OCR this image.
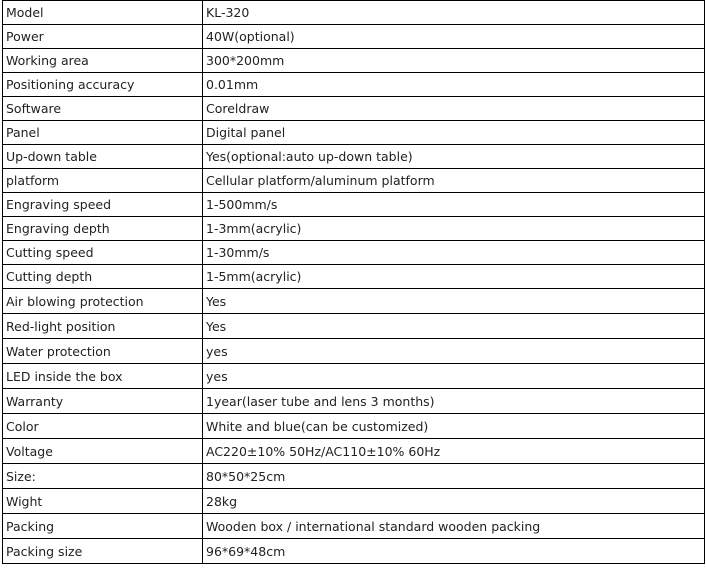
Model	KL-320
Power	40W(optional)
Working area	300*200mm
Positioning accuracy	0.01mm
Software	Coreldraw
Panel	Digital panel
Up-down table	Yes(optional:auto up-down table)
platform	Cellular platform/aluminum platform
Engraving speed	1-500mm/s
Engraving depth	1-3mm(acrylic)
Cutting speed	1-30mm/s
Cutting depth	1-5mm(acrylic)
Air blowing protection	Yes
Red-light position	Yes
Water protection	yes
LED inside the box	yes
Warranty	1year(laser tube and lens 3 months)
Color	White and blue(can be customized)
Voltage	AC220±10% 50Hz/AC110±10% 60Hz
Size:	80*50*25cm
Wight	28kg
Packing	Wooden box / international standard wooden packing
Packing size	96*69*48cm
